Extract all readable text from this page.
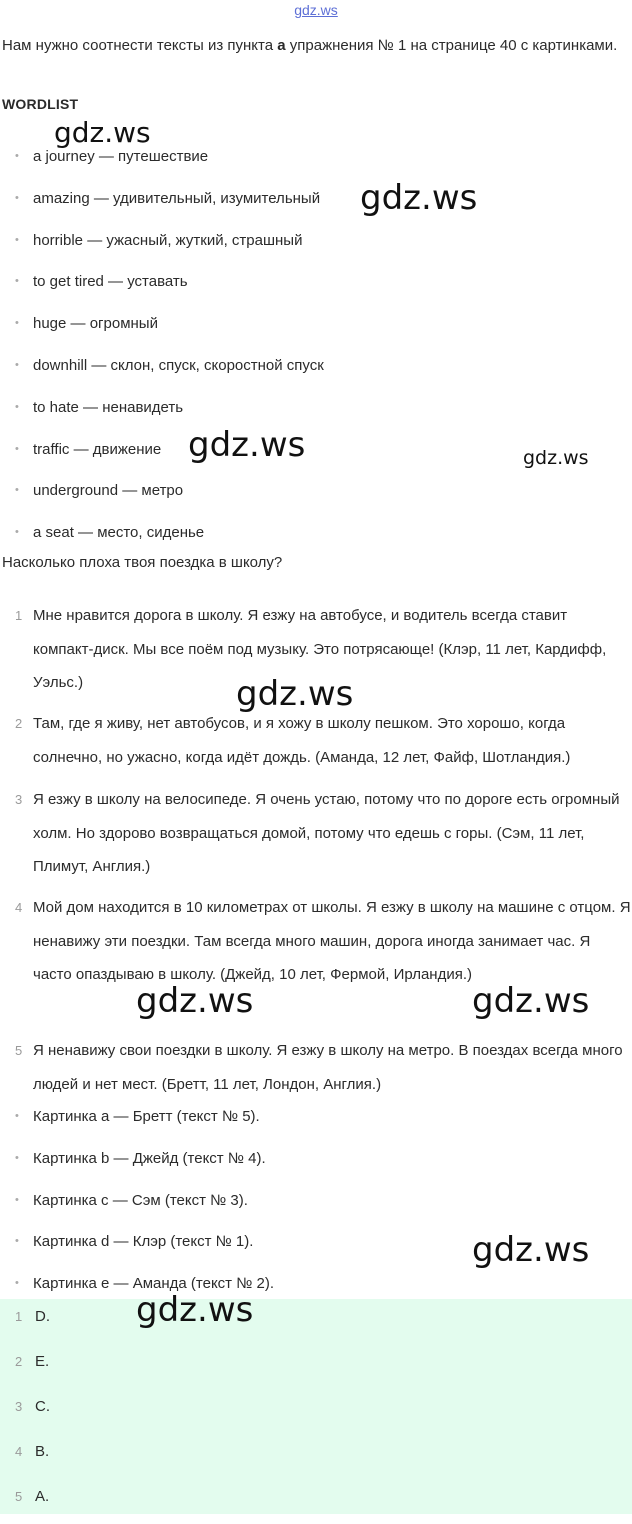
gdz.ws
Нам нужно соотнести тексты из пункта а упражнения № 1 на странице 40 с картинками.
WORDLIST
• a journey — путешествие
• amazing — удивительный, изумительный
• horrible — ужасный, жуткий, страшный
• to get tired — уставать
• huge — огромный
• downhill — склон, спуск, скоростной спуск
• to hate — ненавидеть
• traffic — движение
• underground — метро
• a seat — место, сиденье
Насколько плоха твоя поездка в школу?
1 Мне нравится дорога в школу. Я езжу на автобусе, и водитель всегда ставит компакт-диск. Мы все поём под музыку. Это потрясающе! (Клэр, 11 лет, Кардифф, Уэльс.)
2 Там, где я живу, нет автобусов, и я хожу в школу пешком. Это хорошо, когда солнечно, но ужасно, когда идёт дождь. (Аманда, 12 лет, Файф, Шотландия.)
3 Я езжу в школу на велосипеде. Я очень устаю, потому что по дороге есть огромный холм. Но здорово возвращаться домой, потому что едешь с горы. (Сэм, 11 лет, Плимут, Англия.)
4 Мой дом находится в 10 километрах от школы. Я езжу в школу на машине с отцом. Я ненавижу эти поездки. Там всегда много машин, дорога иногда занимает час. Я часто опаздываю в школу. (Джейд, 10 лет, Фермой, Ирландия.)
5 Я ненавижу свои поездки в школу. Я езжу в школу на метро. В поездах всегда много людей и нет мест. (Бретт, 11 лет, Лондон, Англия.)
• Картинка a — Бретт (текст № 5).
• Картинка b — Джейд (текст № 4).
• Картинка c — Сэм (текст № 3).
• Картинка d — Клэр (текст № 1).
• Картинка e — Аманда (текст № 2).
1 D.
2 E.
3 C.
4 B.
5 A.
gdz.ws
gdz.ws
gdz.ws	gdz.ws
gdz.ws
gdz.ws	gdz.ws
gdz.ws
gdz.ws
